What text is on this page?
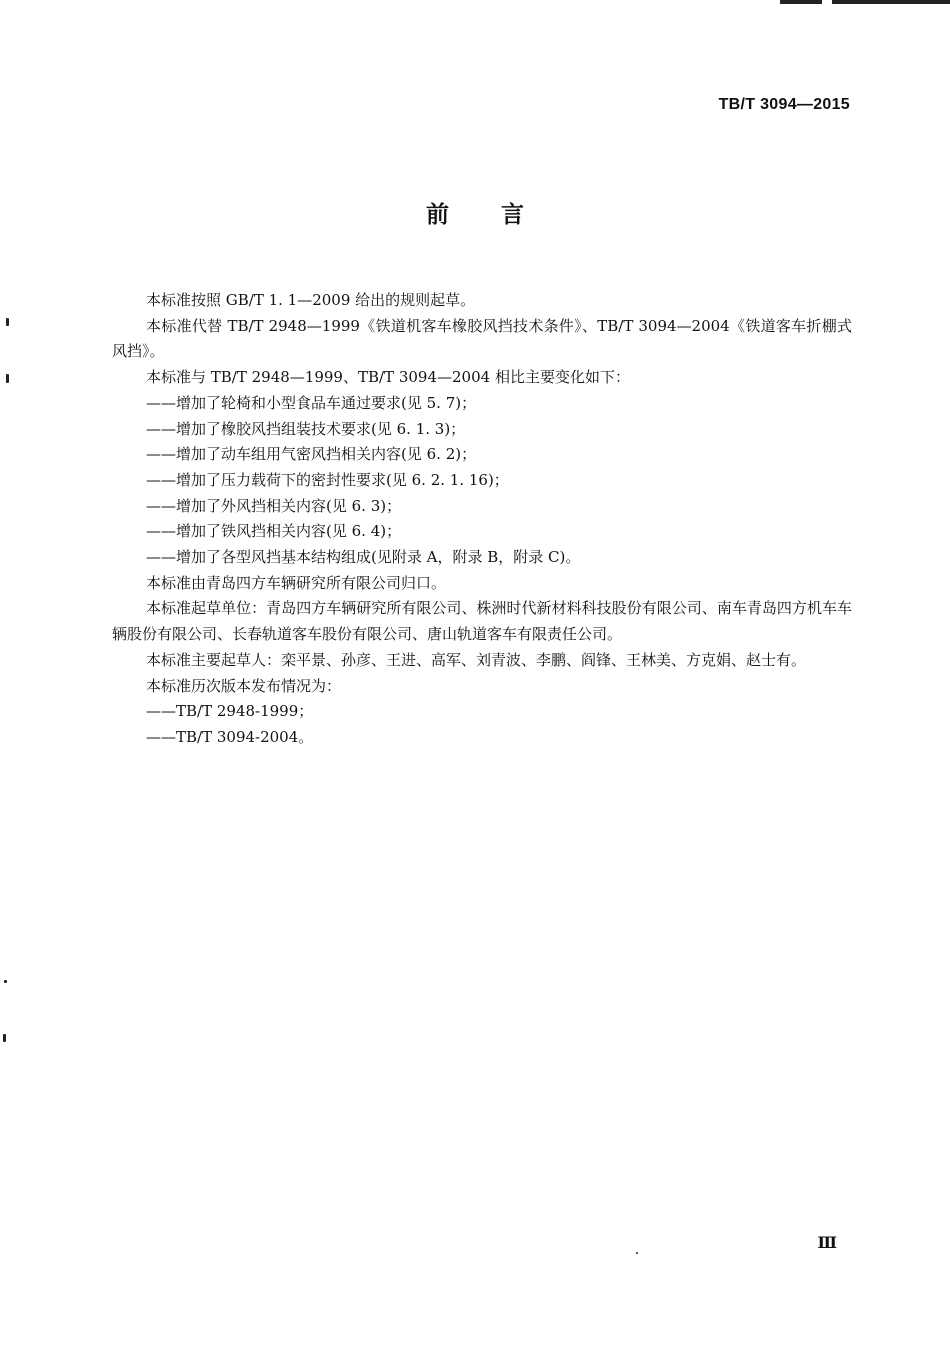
TB/T 3094—2015
前 言

本标准按照 GB/T 1. 1—2009 给出的规则起草。

本标准代替 TB/T 2948—1999《铁道机客车橡胶风挡技术条件》、TB/T 3094—2004《铁道客车折棚式风挡》。

本标准与 TB/T 2948—1999、TB/T 3094—2004 相比主要变化如下：

——增加了轮椅和小型食品车通过要求(见 5. 7)；

——增加了橡胶风挡组装技术要求(见 6. 1. 3)；

——增加了动车组用气密风挡相关内容(见 6. 2)；

——增加了压力载荷下的密封性要求(见 6. 2. 1. 16)；

——增加了外风挡相关内容(见 6. 3)；

——增加了铁风挡相关内容(见 6. 4)；

——增加了各型风挡基本结构组成(见附录 A，附录 B，附录 C)。

本标准由青岛四方车辆研究所有限公司归口。

本标准起草单位：青岛四方车辆研究所有限公司、株洲时代新材料科技股份有限公司、南车青岛四方机车车辆股份有限公司、长春轨道客车股份有限公司、唐山轨道客车有限责任公司。

本标准主要起草人：栾平景、孙彦、王进、高军、刘青波、李鹏、阎锋、王林美、方克娟、赵士有。

本标准历次版本发布情况为：

——TB/T 2948-1999；

——TB/T 3094-2004。

Ⅲ
